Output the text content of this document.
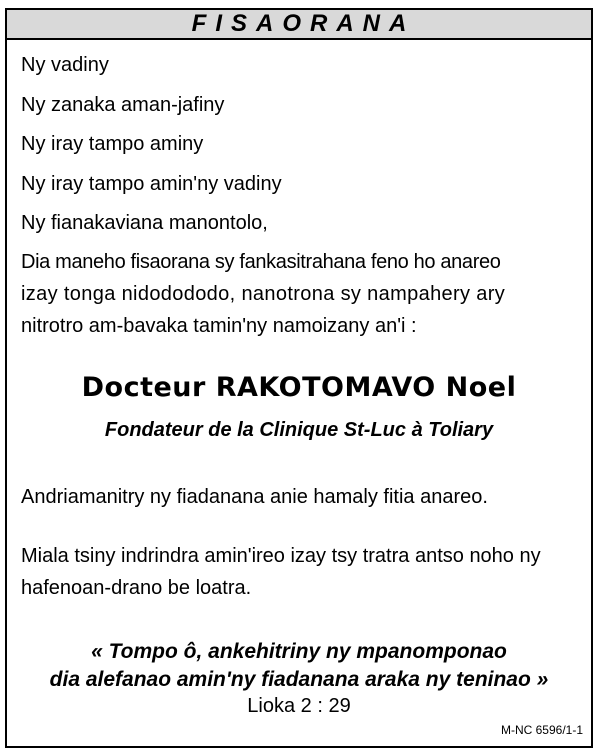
FISAORANA
Ny vadiny
Ny zanaka aman-jafiny
Ny iray tampo aminy
Ny iray tampo amin'ny vadiny
Ny fianakaviana manontolo,
Dia maneho fisaorana sy fankasitrahana feno ho anareo
izay tonga nidodododo, nanotrona sy nampahery ary
nitrotro am-bavaka tamin'ny namoizany an'i :
Docteur RAKOTOMAVO Noel
Fondateur de la Clinique St-Luc à Toliary
Andriamanitry ny fiadanana anie hamaly fitia anareo.
Miala tsiny indrindra amin'ireo izay tsy tratra antso noho ny
hafenoan-drano be loatra.
« Tompo ô, ankehitriny ny mpanomponao
dia alefanao amin'ny fiadanana araka ny teninao »
Lioka 2 : 29
M-NC 6596/1-1
